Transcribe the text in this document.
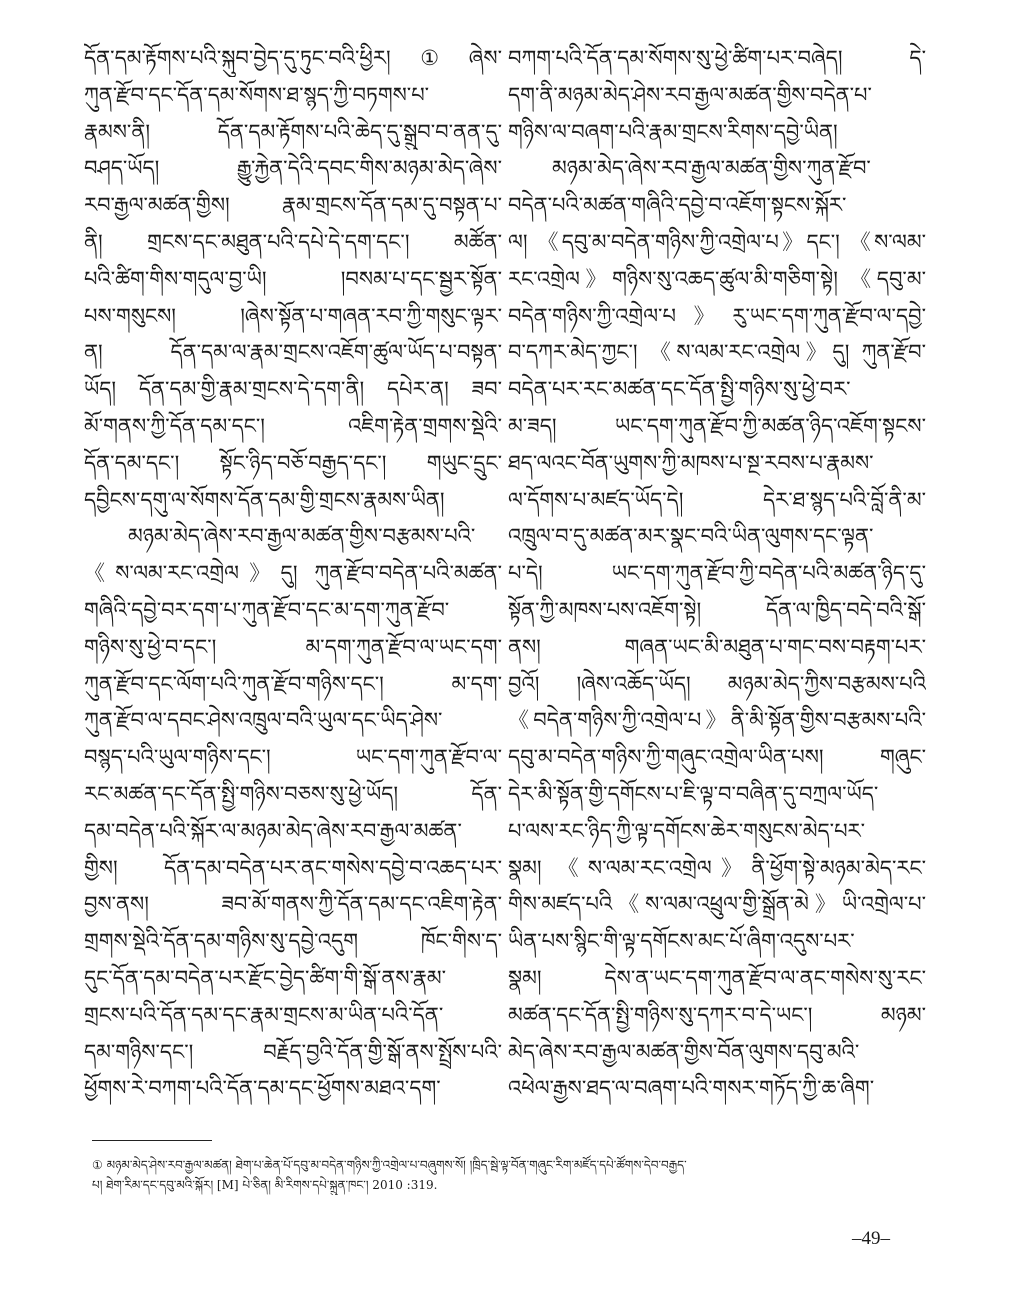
དོན་དམ་རྟོགས་པའི་སྐུབ་བྱེད་དུ་ཏུང་བའི་ཕྱིར།①ཞེས་
ཀུན་རྫོབ་དང་དོན་དམ་སོགས་ཐ་སྙད་ཀྱི་བཏགས་པ་
རྣམས་ནི། དོན་དམ་རྟོགས་པའི་ཆེད་དུ་སྒྲུབ་བ་ནན་དུ་
བཤད་ཡོད། རྒྱུ་རྐྱེན་དེའི་དབང་གིས་མཉམ་མེད་ཞེས་
རབ་རྒྱལ་མཚན་གྱིས། རྣམ་གྲངས་དོན་དམ་དུ་བསྟན་པ་
ནི། གྲངས་དང་མཐུན་པའི་དཔེ་དེ་དག་དང་། མཚོན་
པའི་ཚིག་གིས་གདུལ་བྱ་ཡི། །བསམ་པ་དང་སྦྱར་སྟོན་
པས་གསུངས། །ཞེས་སྟོན་པ་གཞན་རབ་ཀྱི་གསུང་ལྟར་
ན། དོན་དམ་ལ་རྣམ་གྲངས་འཇོག་ཚུལ་ཡོད་པ་བསྟན་
ཡོད། དོན་དམ་གྱི་རྣམ་གྲངས་དེ་དག་ནི། དཔེར་ན། ཟབ་
མོ་གནས་ཀྱི་དོན་དམ་དང་། འཇིག་རྟེན་གྲགས་སྡེའི་
དོན་དམ་དང་། སྟོང་ཉིད་བཅོ་བརྒྱད་དང་། གཡུང་དྲུང་
དབྱིངས་དགུ་ལ་སོགས་དོན་དམ་གྱི་གྲངས་རྣམས་ཡིན།
མཉམ་མེད་ཞེས་རབ་རྒྱལ་མཚན་གྱིས་བརྩམས་པའི་
《ས་ལམ་རང་འགྲེལ》དུ། ཀུན་རྫོབ་བདེན་པའི་མཚན་
གཞིའི་དབྱེ་བར་དག་པ་ཀུན་རྫོབ་དང་མ་དག་ཀུན་རྫོབ་
གཉིས་སུ་ཕྱེ་བ་དང་། མ་དག་ཀུན་རྫོབ་ལ་ཡང་དག་
ཀུན་རྫོབ་དང་ལོག་པའི་ཀུན་རྫོབ་གཉིས་དང་། མ་དག་
ཀུན་རྫོབ་ལ་དབང་ཤེས་འཁྲུལ་བའི་ཡུལ་དང་ཡིད་ཤེས་
བསྙད་པའི་ཡུལ་གཉིས་དང་། ཡང་དག་ཀུན་རྫོབ་ལ་
རང་མཚན་དང་དོན་སྤྱི་གཉིས་བཅས་སུ་ཕྱེ་ཡོད། དོན་
དམ་བདེན་པའི་སྐོར་ལ་མཉམ་མེད་ཞེས་རབ་རྒྱལ་མཚན་
གྱིས། དོན་དམ་བདེན་པར་ནང་གསེས་དབྱེ་བ་འཆད་པར་
བྱས་ནས། ཟབ་མོ་གནས་ཀྱི་དོན་དམ་དང་འཇིག་རྟེན་
གྲགས་སྡེའི་དོན་དམ་གཉིས་སུ་དབྱེ་འདུག ཁོང་གིས་ད་
དུང་དོན་དམ་བདེན་པར་རྫོང་བྱེད་ཚིག་གི་སྒོ་ནས་རྣམ་
གྲངས་པའི་དོན་དམ་དང་རྣམ་གྲངས་མ་ཡིན་པའི་དོན་
དམ་གཉིས་དང་། བརྗོད་བྱའི་དོན་གྱི་སྒོ་ནས་སྤྲོས་པའི་
ཕྱོགས་རེ་བཀག་པའི་དོན་དམ་དང་ཕྱོགས་མཐའ་དག་
བཀག་པའི་དོན་དམ་སོགས་སུ་ཕྱེ་ཚིག་པར་བཞེད། དེ་
དག་ནི་མཉམ་མེད་ཤེས་རབ་རྒྱལ་མཚན་གྱིས་བདེན་པ་
གཉིས་ལ་བཞག་པའི་རྣམ་གྲངས་རིགས་དབྱེ་ཡིན།
མཉམ་མེད་ཞེས་རབ་རྒྱལ་མཚན་གྱིས་ཀུན་རྫོབ་
བདེན་པའི་མཚན་གཞིའི་དབྱེ་བ་འཇོག་སྟངས་སྐོར་
ལ། 《དབུ་མ་བདེན་གཉིས་ཀྱི་འགྲེལ་པ》དང་། 《ས་ལམ་
རང་འགྲེལ》གཉིས་སུ་འཆད་ཚུལ་མི་གཅིག་སྟེ། 《དབུ་མ་
བདེན་གཉིས་ཀྱི་འགྲེལ་པ》རུ་ཡང་དག་ཀུན་རྫོབ་ལ་དབྱེ་
བ་དཀར་མེད་ཀྱང་། 《ས་ལམ་རང་འགྲེལ》དུ། ཀུན་རྫོབ་
བདེན་པར་རང་མཚན་དང་དོན་སྤྱི་གཉིས་སུ་ཕྱེ་བར་
མ་ཟད། ཡང་དག་ཀུན་རྫོབ་ཀྱི་མཚན་ཉིད་འཇོག་སྟངས་
ཐད་ལའང་བོན་ཡུགས་ཀྱི་མཁས་པ་སྔ་རབས་པ་རྣམས་
ལ་དོགས་པ་མཛད་ཡོད་དེ། དེར་ཐ་སྙད་པའི་བློ་ནི་མ་
འཁྲུལ་བ་དུ་མཚན་མར་སྣང་བའི་ཡིན་ལུགས་དང་ལྟན་
པ་དེ། ཡང་དག་ཀུན་རྫོབ་ཀྱི་བདེན་པའི་མཚན་ཉིད་དུ་
སྟོན་ཀྱི་མཁས་པས་འཇོག་སྟེ། དོན་ལ་ཁྱིད་བདེ་བའི་སྒོ་
ནས། གཞན་ཡང་མི་མཐུན་པ་གང་བས་བརྟག་པར་
བྱའོ། །ཞེས་འཆོད་ཡོད། མཉམ་མེད་ཀྱིས་བརྩམས་པའི
《བདེན་གཉིས་ཀྱི་འགྲེལ་པ》ནི་མི་སྟོན་གྱིས་བརྩམས་པའི་
དབུ་མ་བདེན་གཉིས་ཀྱི་གཞུང་འགྲེལ་ཡིན་པས། གཞུང་
དེར་མི་སྟོན་གྱི་དགོངས་པ་ཇི་ལྟ་བ་བཞིན་དུ་བཀྲལ་ཡོད་
པ་ལས་རང་ཉིད་ཀྱི་ལྟ་དགོངས་ཆེར་གསུངས་མེད་པར་
སྣམ། 《ས་ལམ་རང་འགྲེལ》ནི་ཕྱོག་སྟེ་མཉམ་མེད་རང་
གིས་མཛད་པའི《ས་ལམ་འཕྲུལ་གྱི་སྒྲོན་མེ》ཡི་འགྲེལ་པ་
ཡིན་པས་སྙིང་གི་ལྟ་དགོངས་མང་པོ་ཞིག་འདུས་པར་
སྣམ། དེས་ན་ཡང་དག་ཀུན་རྫོབ་ལ་ནང་གསེས་སུ་རང་
མཚན་དང་དོན་སྤྱི་གཉིས་སུ་དཀར་བ་དེ་ཡང་། མཉམ་
མེད་ཞེས་རབ་རྒྱལ་མཚན་གྱིས་བོན་ལུགས་དབུ་མའི་
འཕེལ་རྒྱས་ཐད་ལ་བཞག་པའི་གསར་གཏོད་ཀྱི་ཆ་ཞིག་
① མཉམ་མེད་ཤེས་རབ་རྒྱལ་མཚན། ཐེག་པ་ཆེན་པོ་དབུ་མ་བདེན་གཉིས་ཀྱི་འགྲེལ་པ་བཞུགས་སོ། །ཁྲིད་སྦེ་ལྟ་བོན་གཞུང་རིག་མཛོད་དཔེ་ཚོགས་དེབ་བརྒྱད་
པ། ཐེག་རིམ་དང་དབུ་མའི་སྐོར། [M] པེ་ཅིན། མི་རིགས་དཔེ་སྐྲུན་ཁང་། 2010 :319.
–49–
